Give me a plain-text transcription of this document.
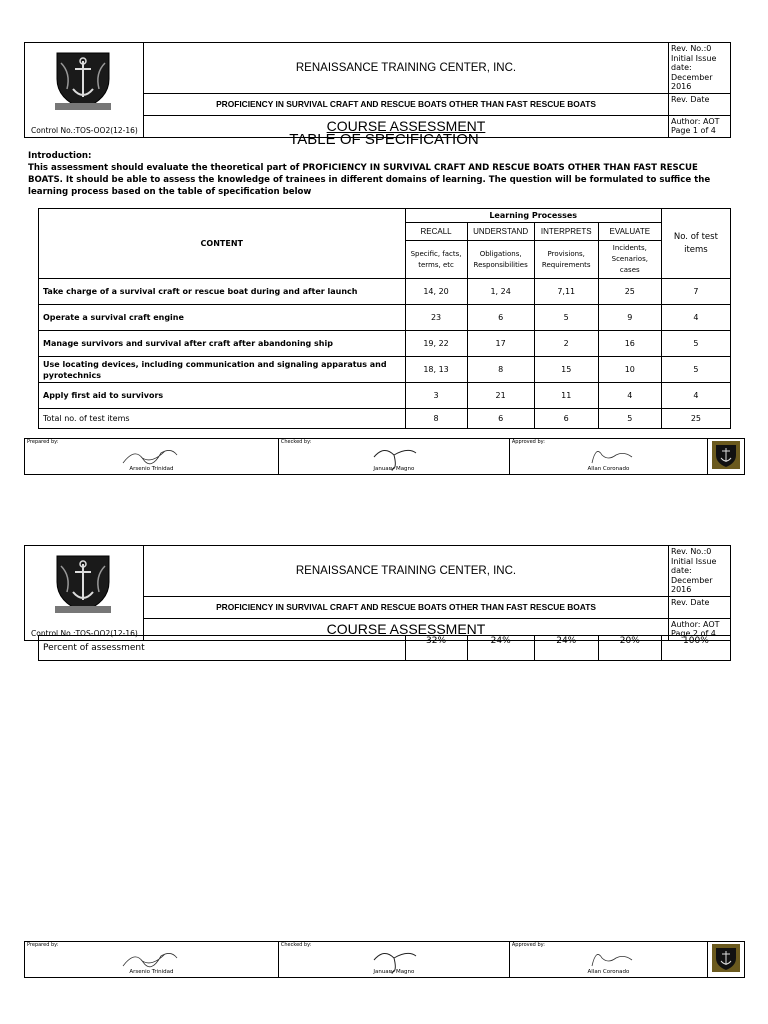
Control No.:TOS-OO2(12-16)	RENAISSANCE TRAINING CENTER, INC.	Rev. No.:0
Initial Issue date:
December 2016
	PROFICIENCY IN SURVIVAL CRAFT AND RESCUE BOATS OTHER THAN FAST RESCUE BOATS	Rev. Date
	COURSE ASSESSMENT	Author: AOT
Page 1 of 4
TABLE OF SPECIFICATION
Introduction:
This assessment should evaluate the theoretical part of PROFICIENCY IN SURVIVAL CRAFT AND RESCUE BOATS OTHER THAN FAST RESCUE BOATS. It should be able to assess the knowledge of trainees in different domains of learning. The question will be formulated to suffice the learning process based on the table of specification below
CONTENT	Learning Processes				No. of test items
	RECALL	UNDERSTAND	INTERPRETS	EVALUATE	
	Specific, facts, terms, etc	Obligations, Responsibilities	Provisions, Requirements	Incidents, Scenarios, cases	
Take charge of a survival craft or rescue boat during and after launch	14, 20	1, 24	7,11	25	7
Operate a survival craft engine	23	6	5	9	4
Manage survivors and survival after craft after abandoning ship	19, 22	17	2	16	5
Use locating devices, including communication and signaling apparatus and pyrotechnics	18, 13	8	15	10	5
Apply first aid to survivors	3	21	11	4	4
Total no. of test items	8	6	6	5	25
Prepared by:
Arsenio Trinidad

Checked by:
January Magno

Approved by:
Allan Coronado

Control No.:TOS-OO2(12-16)	RENAISSANCE TRAINING CENTER, INC.	Rev. No.:0
Initial Issue date:
December 2016
	PROFICIENCY IN SURVIVAL CRAFT AND RESCUE BOATS OTHER THAN FAST RESCUE BOATS	Rev. Date
	COURSE ASSESSMENT	Author: AOT
Page 2 of 4
Percent of assessment	32%	24%	24%	20%	100%
Prepared by:
Arsenio Trinidad

Checked by:
January Magno

Approved by:
Allan Coronado
